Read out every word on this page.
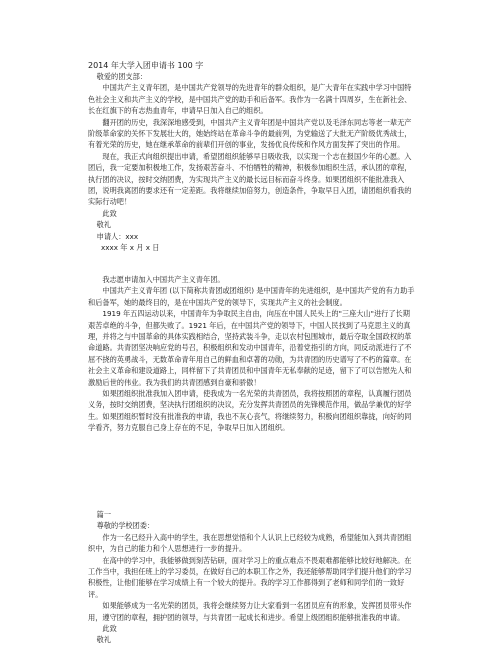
2014 年大学入团申请书 100 字

敬爱的团支部：

中国共产主义青年团，是中国共产党领导的先进青年的群众组织，是广大青年在实践中学习中国特色社会主义和共产主义的学校，是中国共产党的助手和后备军。我作为一名满十四周岁，生在新社会、长在红旗下的有志热血青年，申请早日加入自己的组织。

翻开团的历史，我深深地感受到，中国共产主义青年团是中国共产党以及毛泽东同志等老一辈无产阶级革命家的关怀下发展壮大的，她始终站在革命斗争的最前列，为党输送了大批无产阶级优秀战士，有着光荣的历史，她在继承革命的前辈们开创的事业，发扬优良传统和作风方面发挥了突出的作用。

现在，我正式向组织提出申请，希望团组织能够早日吸收我，以实现一个志在报国少年的心愿。入团后，我一定要加积极地工作，发扬艰苦奋斗、不怕牺牲的精神，积极参加组织生活，承认团的章程，执行团的决议，按时交纳团费，为实现共产主义的最长远目标而奋斗终身。如果团组织不能批准我入团，说明我离团的要求还有一定差距。我将继续加倍努力，创造条件，争取早日入团，请团组织看我的实际行动吧！

此致

敬礼

申请人：xxx

xxxx 年 x 月 x 日

我志愿申请加入中国共产主义青年团。

中国共产主义青年团 (以下简称共青团或团组织) 是中国青年的先进组织，是中国共产党的有力助手和后备军，她的最终目的，是在中国共产党的领导下，实现共产主义的社会制度。

1919 年五四运动以来，中国青年为争取民主自由，向压在中国人民头上的"三座大山"进行了长期艰苦卓绝的斗争，但都失败了。1921 年后，在中国共产党的领导下，中国人民找到了马克思主义的真理，并将之与中国革命的具体实践相结合，坚持武装斗争，走以农村包围城市，最后夺取全国政权的革命道路。共青团坚决响应党的号召，积极组织和发动中国青年，沿着党指引的方向，同反动派进行了不屈不挠的英勇战斗，无数革命青年用自己的鲜血和卓著的功勋，为共青团的历史谱写了不朽的篇章。在社会主义革命和建设道路上，同样留下了共青团员和中国青年无私奉献的足迹，留下了可以告慰先人和激励后世的伟业。我为我们的共青团感到自豪和骄傲！

如果团组织批准我加入团申请，使我成为一名光荣的共青团员，我将按照团的章程，认真履行团员义务，按时交纳团费，坚决执行团组织的决议，充分发挥共青团员的先锋模范作用，做品学兼优的好学生。如果团组织暂时没有批准我的申请，我也不灰心丧气，将继续努力，积极向团组织靠拢，向好的同学看齐，努力克服自己身上存在的不足，争取早日加入团组织。

篇一

尊敬的学校团委：

作为一名已经升入高中的学生，我在思想觉悟和个人认识上已经较为成熟，希望能加入到共青团组织中，为自己的能力和个人思想进行一步的提升。

在高中的学习中，我能够做到刻苦钻研，面对学习上的重点难点不畏艰难都能够比较好地解决。在工作当中，我担任班上的学习委员，在做好自己的本职工作之外，我还能够帮助同学们提升他们的学习积极性，让他们能够在学习成绩上有一个较大的提升。我的学习工作都得到了老师和同学们的一致好评。

如果能够成为一名光荣的团员，我将会继续努力让大家看到一名团员应有的形象，发挥团员带头作用，遵守团的章程，拥护团的领导，与共青团一起成长和进步。希望上级团组织能够批准我的申请。

此致

敬礼
